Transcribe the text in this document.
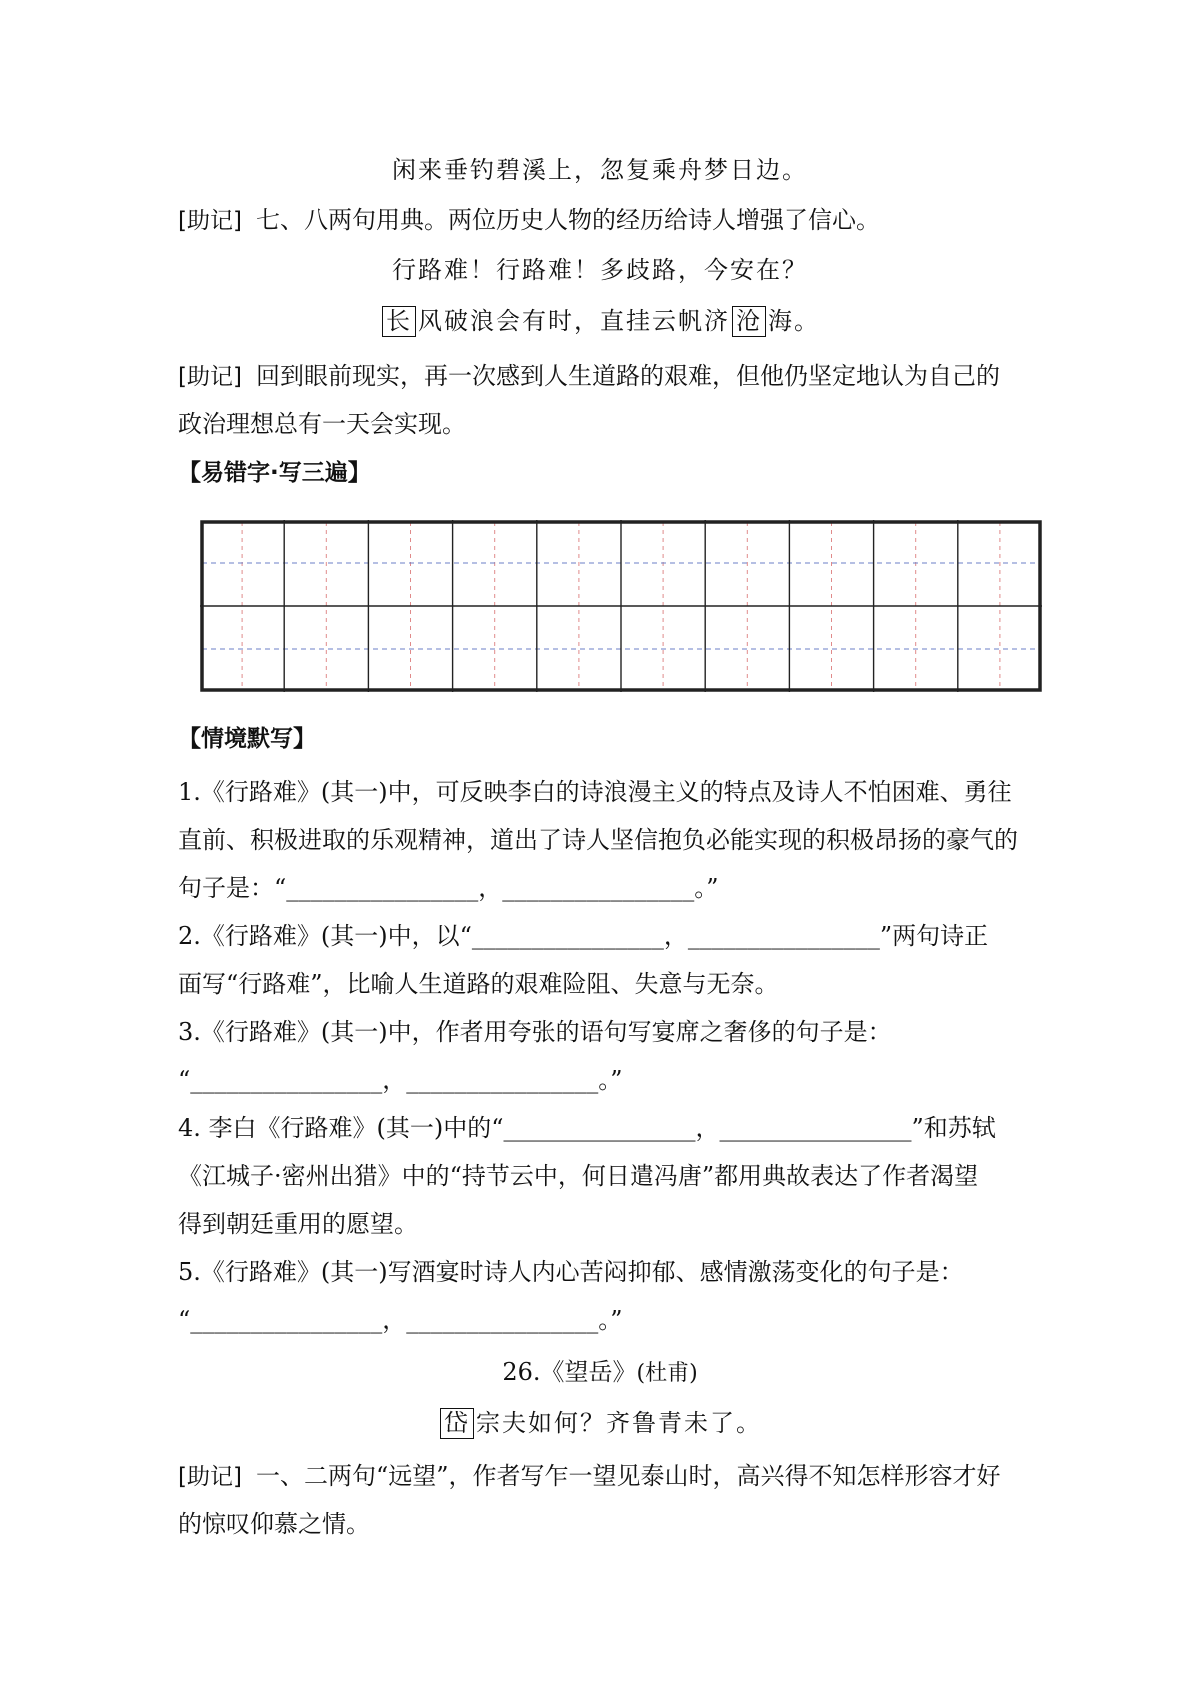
闲来垂钓碧溪上，忽复乘舟梦日边。
[助记] 七、八两句用典。两位历史人物的经历给诗人增强了信心。
行路难！行路难！多歧路，今安在？
长 风破浪会有时，直挂云帆济 沧 海。
[助记] 回到眼前现实，再一次感到人生道路的艰难，但他仍坚定地认为自己的
政治理想总有一天会实现。
【易错字·写三遍】
【情境默写】
1.《行路难》(其一)中，可反映李白的诗浪漫主义的特点及诗人不怕困难、勇往
直前、积极进取的乐观精神，道出了诗人坚信抱负必能实现的积极昂扬的豪气的
句子是：“________________，________________。”
2.《行路难》(其一)中，以“________________，________________”两句诗正
面写“行路难”，比喻人生道路的艰难险阻、失意与无奈。
3.《行路难》(其一)中，作者用夸张的语句写宴席之奢侈的句子是：
“________________，________________。”
4. 李白《行路难》(其一)中的“________________，________________”和苏轼
《江城子·密州出猎》中的“持节云中，何日遣冯唐”都用典故表达了作者渴望
得到朝廷重用的愿望。
5.《行路难》(其一)写酒宴时诗人内心苦闷抑郁、感情激荡变化的句子是：
“________________，________________。”
26.《望岳》(杜甫)
岱 宗夫如何？齐鲁青未了。
[助记] 一、二两句“远望”，作者写乍一望见泰山时，高兴得不知怎样形容才好
的惊叹仰慕之情。
